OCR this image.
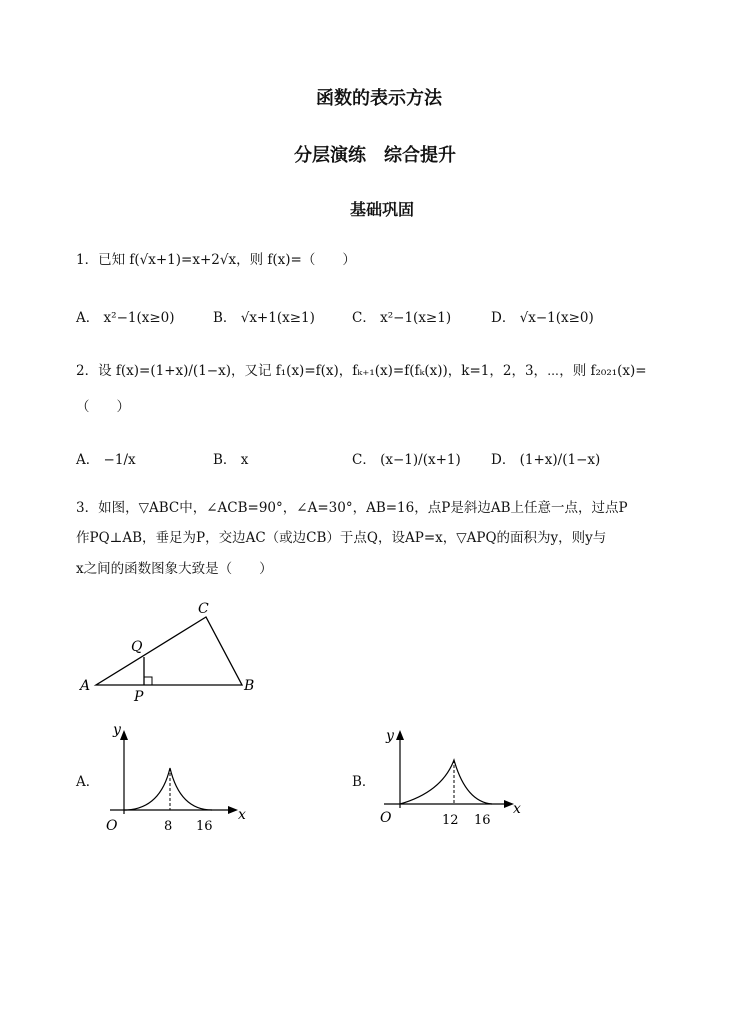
函数的表示方法
分层演练　综合提升
基础巩固
1．已知 f(√x+1)=x+2√x，则 f(x)=（　　）
A． x²−1(x≥0)	B． √x+1(x≥1)	C． x²−1(x≥1)	D． √x−1(x≥0)
2．设 f(x)=(1+x)/(1−x)，又记 f₁(x)=f(x)，fₖ₊₁(x)=f(fₖ(x))，k=1，2，3，⋯，则 f₂₀₂₁(x)=
（　　）
A． −1/x	B． x	C． (x−1)/(x+1) D． (1+x)/(1−x)
3．如图，▽ABC中，∠ACB=90°，∠A=30°，AB=16，点P是斜边AB上任意一点，过点P
作PQ⊥AB，垂足为P，交边AC（或边CB）于点Q，设AP=x，▽APQ的面积为y，则y与
x之间的函数图象大致是（　　）
A	B
C
P
Q
A．
y
x
O	8 16
B．
y
x
O	12 16
